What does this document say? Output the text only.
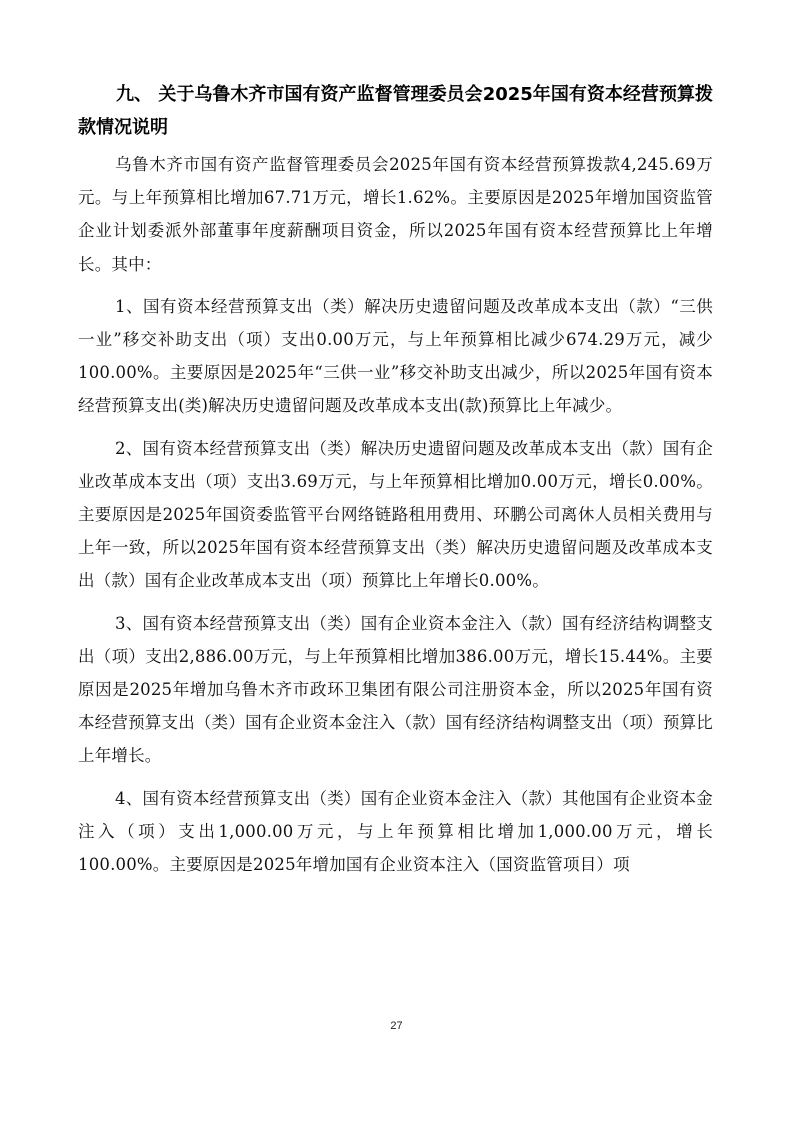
九、 关于乌鲁木齐市国有资产监督管理委员会2025年国有资本经营预算拨款情况说明

乌鲁木齐市国有资产监督管理委员会2025年国有资本经营预算拨款4,245.69万元。与上年预算相比增加67.71万元，增长1.62%。主要原因是2025年增加国资监管企业计划委派外部董事年度薪酬项目资金，所以2025年国有资本经营预算比上年增长。其中：

1、国有资本经营预算支出（类）解决历史遗留问题及改革成本支出（款）“三供一业”移交补助支出（项）支出0.00万元，与上年预算相比减少674.29万元，减少100.00%。主要原因是2025年“三供一业”移交补助支出减少，所以2025年国有资本经营预算支出(类)解决历史遗留问题及改革成本支出(款)预算比上年减少。

2、国有资本经营预算支出（类）解决历史遗留问题及改革成本支出（款）国有企业改革成本支出（项）支出3.69万元，与上年预算相比增加0.00万元，增长0.00%。主要原因是2025年国资委监管平台网络链路租用费用、环鹏公司离休人员相关费用与上年一致，所以2025年国有资本经营预算支出（类）解决历史遗留问题及改革成本支出（款）国有企业改革成本支出（项）预算比上年增长0.00%。

3、国有资本经营预算支出（类）国有企业资本金注入（款）国有经济结构调整支出（项）支出2,886.00万元，与上年预算相比增加386.00万元，增长15.44%。主要原因是2025年增加乌鲁木齐市政环卫集团有限公司注册资本金，所以2025年国有资本经营预算支出（类）国有企业资本金注入（款）国有经济结构调整支出（项）预算比上年增长。

4、国有资本经营预算支出（类）国有企业资本金注入（款）其他国有企业资本金注入（项）支出1,000.00万元，与上年预算相比增加1,000.00万元，增长100.00%。主要原因是2025年增加国有企业资本注入（国资监管项目）项

27
